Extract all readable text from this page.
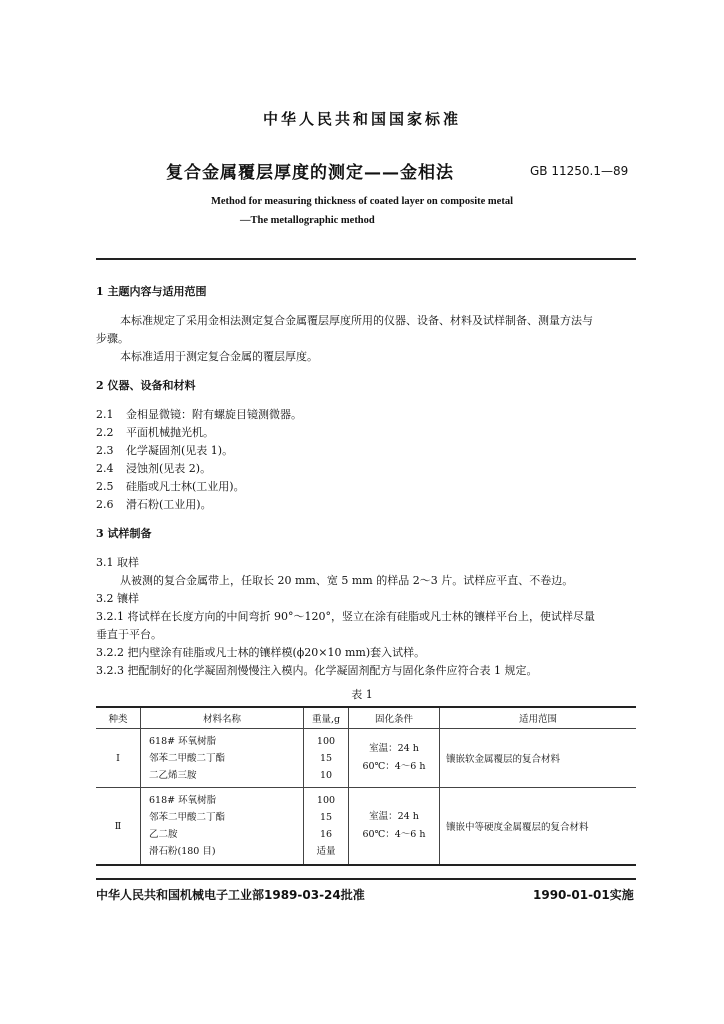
中华人民共和国国家标准
复合金属覆层厚度的测定——金相法	GB 11250.1—89
Method for measuring thickness of coated layer on composite metal
—The metallographic method
1 主题内容与适用范围
本标准规定了采用金相法测定复合金属覆层厚度所用的仪器、设备、材料及试样制备、测量方法与
步骤。
本标准适用于测定复合金属的覆层厚度。
2 仪器、设备和材料
2.1 金相显微镜：附有螺旋目镜测微器。
2.2 平面机械抛光机。
2.3 化学凝固剂(见表 1)。
2.4 浸蚀剂(见表 2)。
2.5 硅脂或凡士林(工业用)。
2.6 滑石粉(工业用)。
3 试样制备
3.1 取样
从被测的复合金属带上，任取长 20 mm、宽 5 mm 的样品 2～3 片。试样应平直、不卷边。
3.2 镶样
3.2.1 将试样在长度方向的中间弯折 90°～120°，竖立在涂有硅脂或凡士林的镶样平台上，使试样尽量
垂直于平台。
3.2.2 把内壁涂有硅脂或凡士林的镶样模(ϕ20×10 mm)套入试样。
3.2.3 把配制好的化学凝固剂慢慢注入模内。化学凝固剂配方与固化条件应符合表 1 规定。
表 1
种类	材料名称	重量,g	固化条件	适用范围
Ⅰ	618# 环氧树脂
邻苯二甲酸二丁酯
二乙烯三胺	100
15
10	室温：24 h
60℃：4～6 h	镶嵌软金属覆层的复合材料
Ⅱ	618# 环氧树脂
邻苯二甲酸二丁酯
乙二胺
滑石粉(180 目)	100
15
16
适量	室温：24 h
60℃：4～6 h	镶嵌中等硬度金属覆层的复合材料
中华人民共和国机械电子工业部1989-03-24批准	1990-01-01实施
